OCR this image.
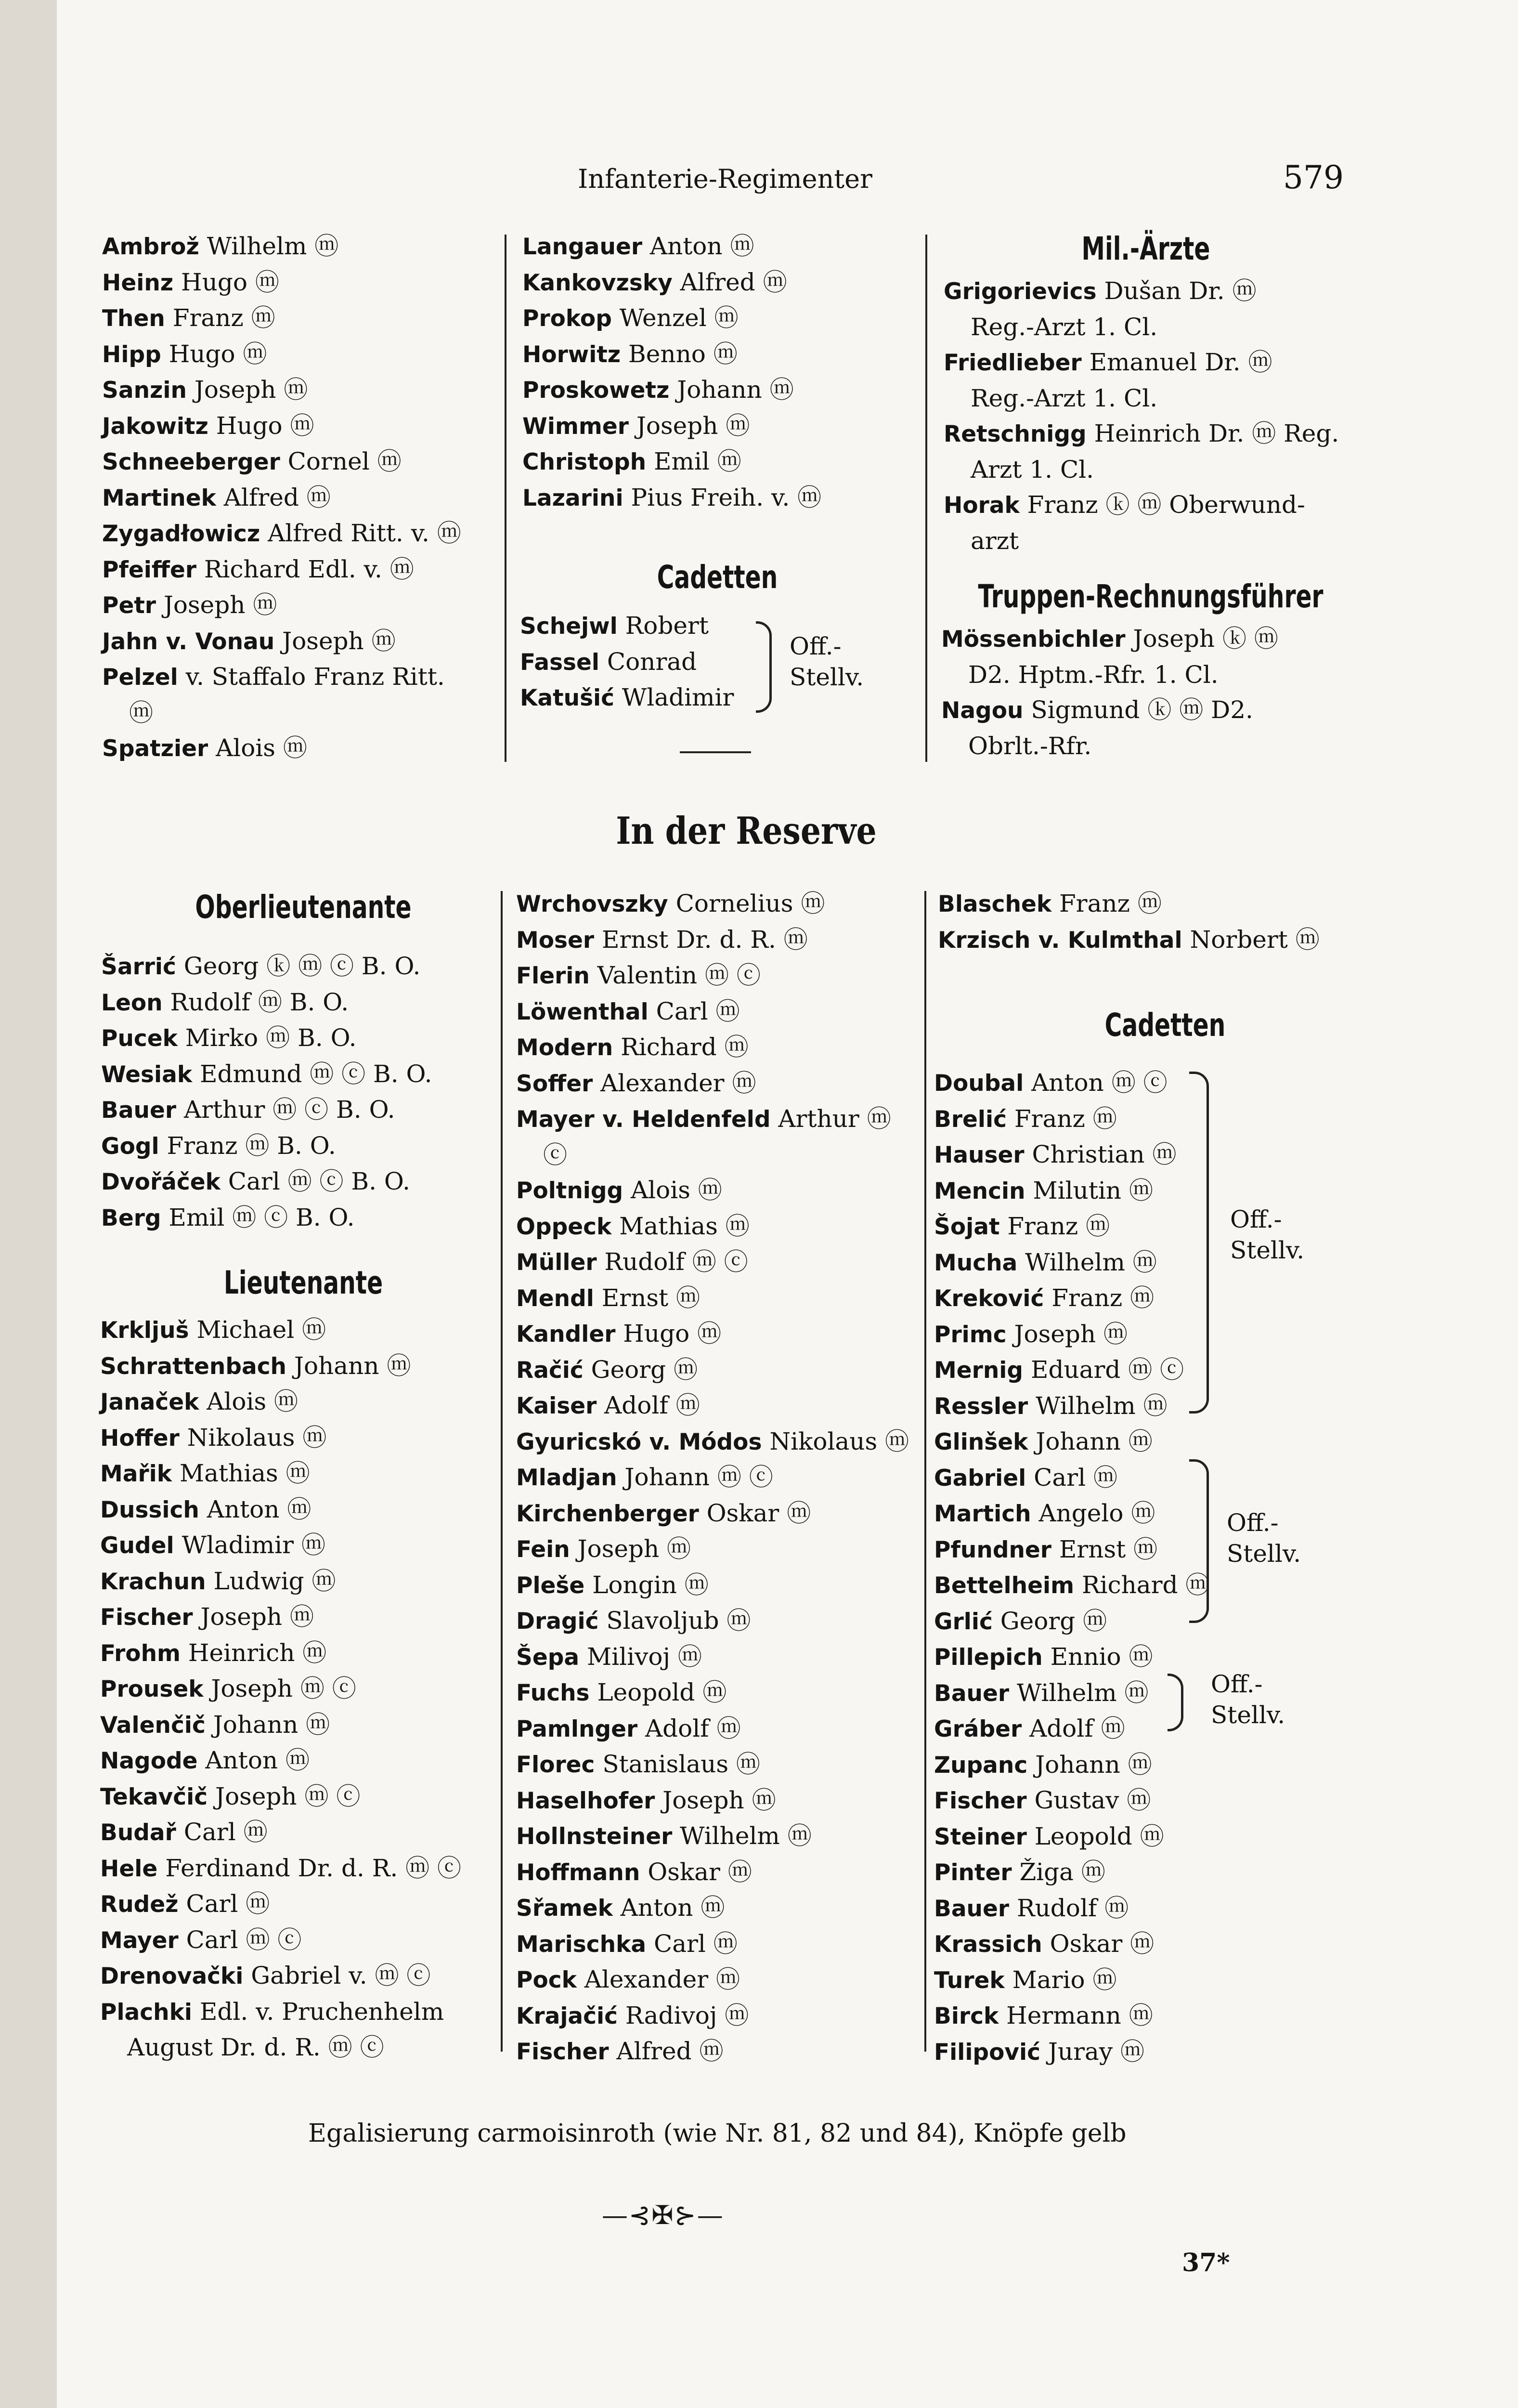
Infanterie-Regimenter	579
Ambrož Wilhelm ⓜ
Heinz Hugo ⓜ
Then Franz ⓜ
Hipp Hugo ⓜ
Sanzin Joseph ⓜ
Jakowitz Hugo ⓜ
Schneeberger Cornel ⓜ
Martinek Alfred ⓜ
Zygadłowicz Alfred Ritt. v. ⓜ
Pfeiffer Richard Edl. v. ⓜ
Petr Joseph ⓜ
Jahn v. Vonau Joseph ⓜ
Pelzel v. Staffalo Franz Ritt.
ⓜ
Spatzier Alois ⓜ
Langauer Anton ⓜ
Kankovzsky Alfred ⓜ
Prokop Wenzel ⓜ
Horwitz Benno ⓜ
Proskowetz Johann ⓜ
Wimmer Joseph ⓜ
Christoph Emil ⓜ
Lazarini Pius Freih. v. ⓜ
Cadetten
Schejwl Robert
Fassel Conrad
Katušić Wladimir
Off.- Stellv.
Mil.-Ärzte
Grigorievics Dušan Dr. ⓜ
Reg.-Arzt 1. Cl.
Friedlieber Emanuel Dr. ⓜ
Reg.-Arzt 1. Cl.
Retschnigg Heinrich Dr. ⓜ Reg.
Arzt 1. Cl.
Horak Franz ⓚ ⓜ Oberwund-
arzt
Truppen-Rechnungsführer
Mössenbichler Joseph ⓚ ⓜ
D2. Hptm.-Rfr. 1. Cl.
Nagou Sigmund ⓚ ⓜ D2.
Obrlt.-Rfr.
In der Reserve
Oberlieutenante
Šarrić Georg ⓚ ⓜ ⓒ B. O.
Leon Rudolf ⓜ B. O.
Pucek Mirko ⓜ B. O.
Wesiak Edmund ⓜ ⓒ B. O.
Bauer Arthur ⓜ ⓒ B. O.
Gogl Franz ⓜ B. O.
Dvořáček Carl ⓜ ⓒ B. O.
Berg Emil ⓜ ⓒ B. O.
Lieutenante
Krkljuš Michael ⓜ
Schrattenbach Johann ⓜ
Janaček Alois ⓜ
Hoffer Nikolaus ⓜ
Mařik Mathias ⓜ
Dussich Anton ⓜ
Gudel Wladimir ⓜ
Krachun Ludwig ⓜ
Fischer Joseph ⓜ
Frohm Heinrich ⓜ
Prousek Joseph ⓜ ⓒ
Valenčič Johann ⓜ
Nagode Anton ⓜ
Tekavčič Joseph ⓜ ⓒ
Budař Carl ⓜ
Hele Ferdinand Dr. d. R. ⓜ ⓒ
Rudež Carl ⓜ
Mayer Carl ⓜ ⓒ
Drenovački Gabriel v. ⓜ ⓒ
Plachki Edl. v. Pruchenhelm
August Dr. d. R. ⓜ ⓒ
Wrchovszky Cornelius ⓜ
Moser Ernst Dr. d. R. ⓜ
Flerin Valentin ⓜ ⓒ
Löwenthal Carl ⓜ
Modern Richard ⓜ
Soffer Alexander ⓜ
Mayer v. Heldenfeld Arthur ⓜ
ⓒ
Poltnigg Alois ⓜ
Oppeck Mathias ⓜ
Müller Rudolf ⓜ ⓒ
Mendl Ernst ⓜ
Kandler Hugo ⓜ
Račić Georg ⓜ
Kaiser Adolf ⓜ
Gyuricskó v. Módos Nikolaus ⓜ
Mladjan Johann ⓜ ⓒ
Kirchenberger Oskar ⓜ
Fein Joseph ⓜ
Pleše Longin ⓜ
Dragić Slavoljub ⓜ
Šepa Milivoj ⓜ
Fuchs Leopold ⓜ
Pamlnger Adolf ⓜ
Florec Stanislaus ⓜ
Haselhofer Joseph ⓜ
Hollnsteiner Wilhelm ⓜ
Hoffmann Oskar ⓜ
Sřamek Anton ⓜ
Marischka Carl ⓜ
Pock Alexander ⓜ
Krajačić Radivoj ⓜ
Fischer Alfred ⓜ
Blaschek Franz ⓜ
Krzisch v. Kulmthal Norbert ⓜ
Cadetten
Doubal Anton ⓜ ⓒ
Brelić Franz ⓜ
Hauser Christian ⓜ
Mencin Milutin ⓜ
Šojat Franz ⓜ
Mucha Wilhelm ⓜ
Kreković Franz ⓜ
Primc Joseph ⓜ
Mernig Eduard ⓜ ⓒ
Ressler Wilhelm ⓜ
Glinšek Johann ⓜ
Gabriel Carl ⓜ
Martich Angelo ⓜ
Pfundner Ernst ⓜ
Bettelheim Richard ⓜ
Grlić Georg ⓜ
Pillepich Ennio ⓜ
Bauer Wilhelm ⓜ
Gráber Adolf ⓜ
Zupanc Johann ⓜ
Fischer Gustav ⓜ
Steiner Leopold ⓜ
Pinter Žiga ⓜ
Bauer Rudolf ⓜ
Krassich Oskar ⓜ
Turek Mario ⓜ
Birck Hermann ⓜ
Filipović Juray ⓜ
Off.- Stellv.
Off.- Stellv.
Off.- Stellv.
Egalisierung carmoisinroth (wie Nr. 81, 82 und 84), Knöpfe gelb
—⊰✠⊱—
37*
